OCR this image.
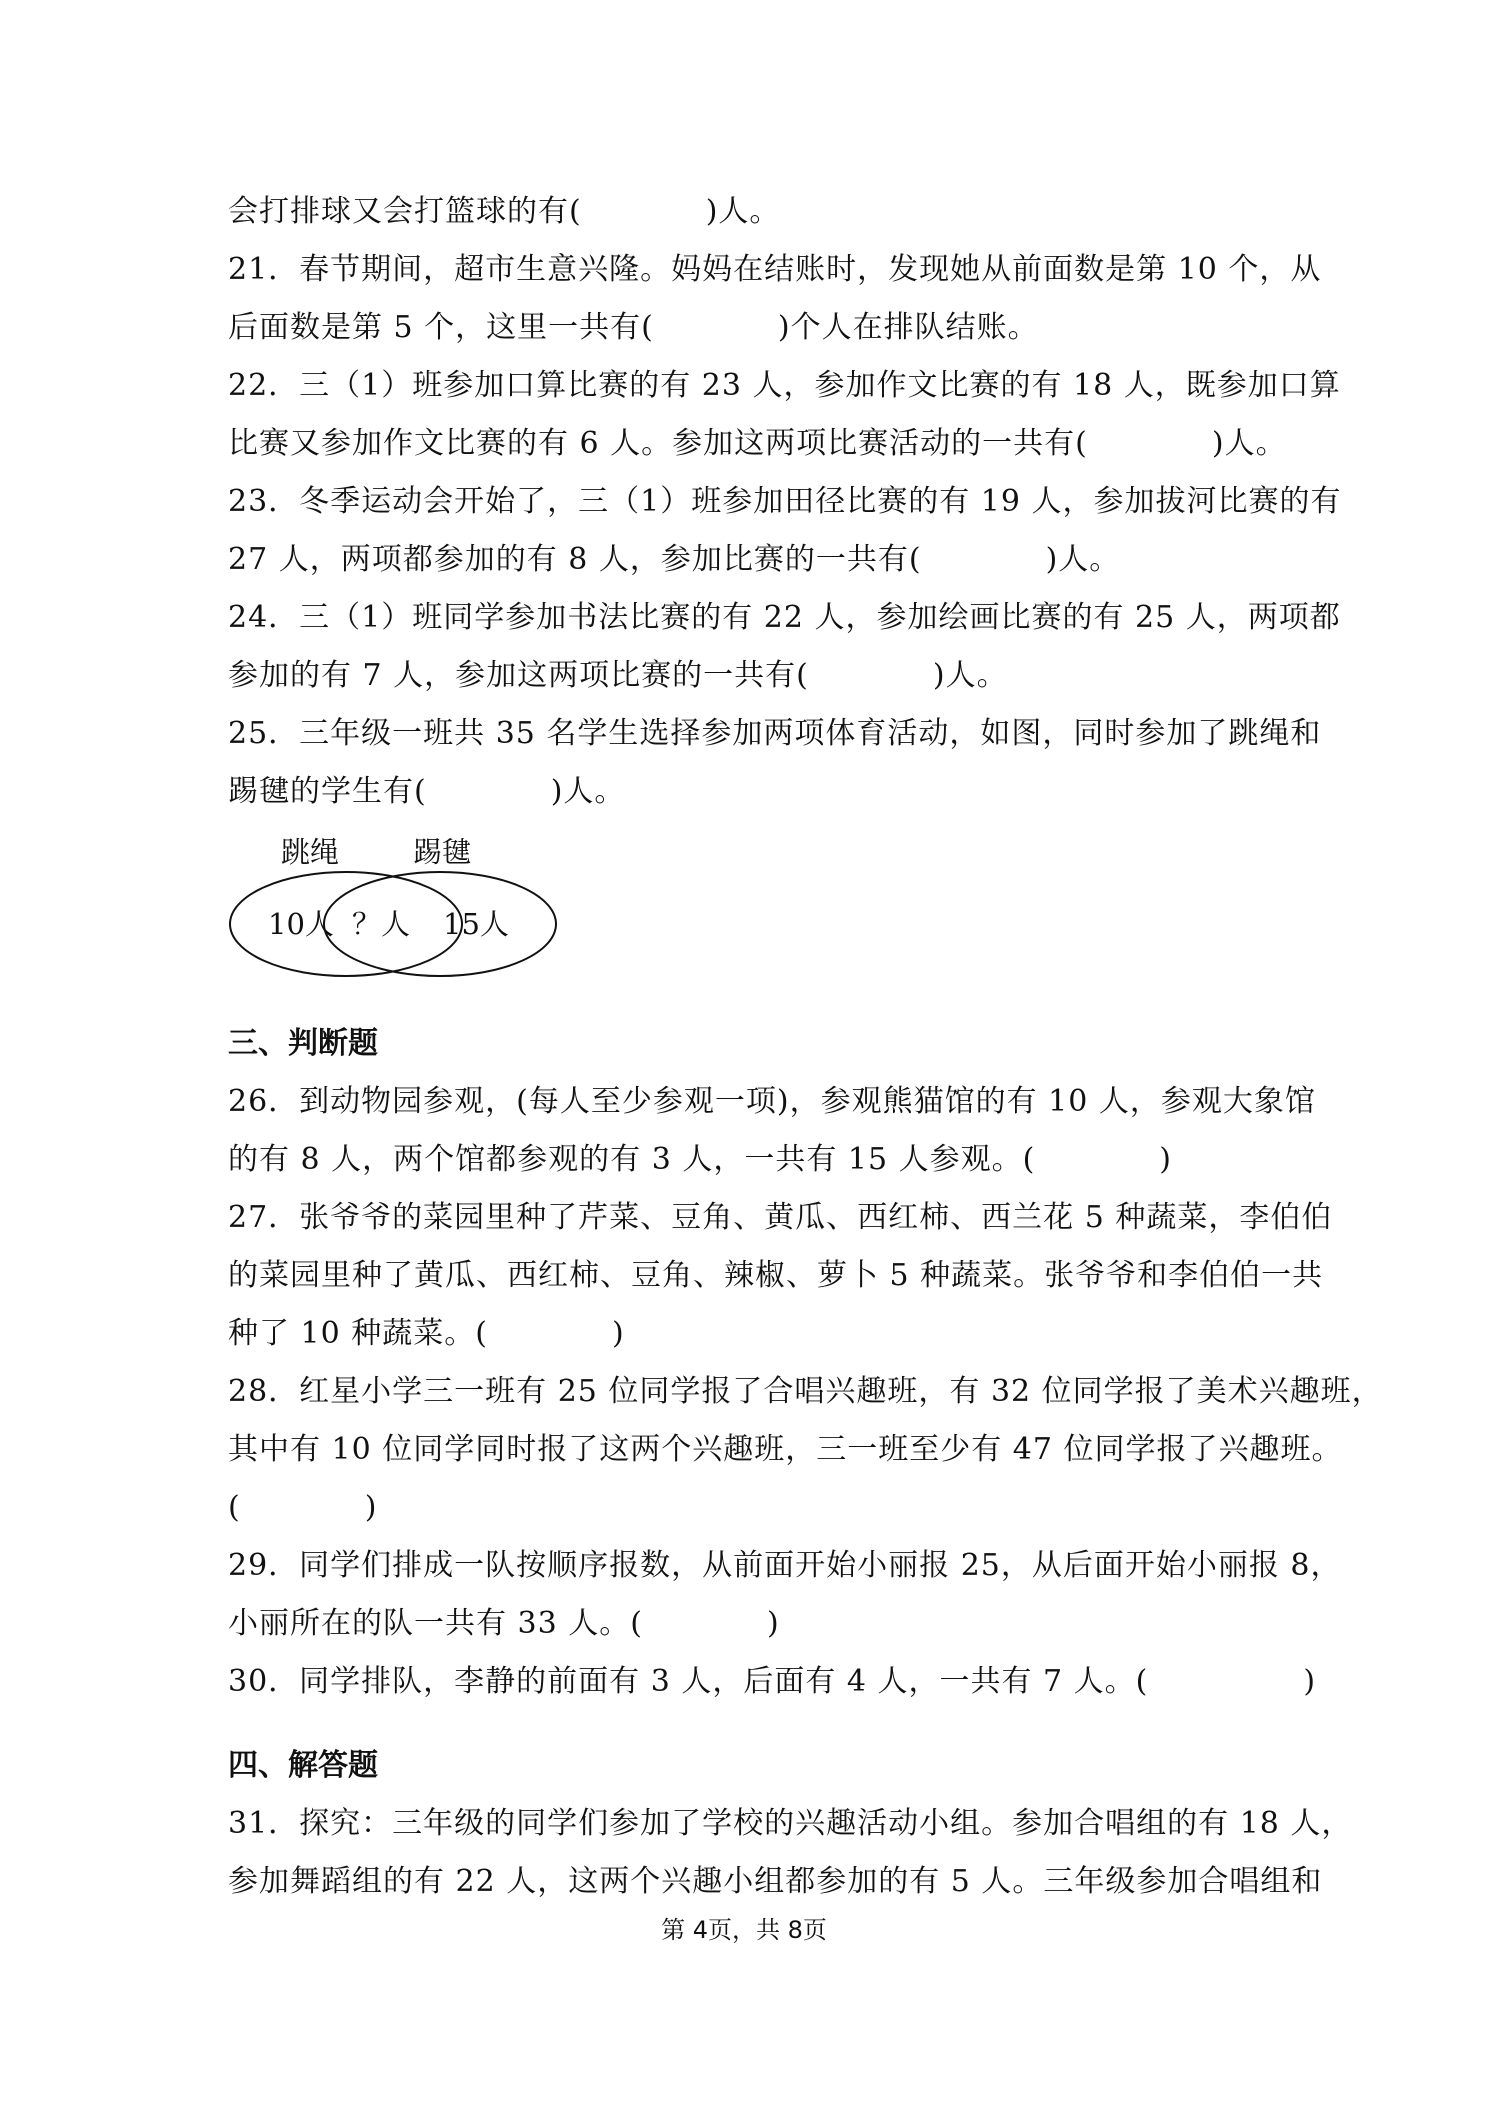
会打排球又会打篮球的有(　　　　)人。
21．春节期间，超市生意兴隆。妈妈在结账时，发现她从前面数是第 10 个，从
后面数是第 5 个，这里一共有(　　　　)个人在排队结账。
22．三（1）班参加口算比赛的有 23 人，参加作文比赛的有 18 人，既参加口算
比赛又参加作文比赛的有 6 人。参加这两项比赛活动的一共有(　　　　)人。
23．冬季运动会开始了，三（1）班参加田径比赛的有 19 人，参加拔河比赛的有
27 人，两项都参加的有 8 人，参加比赛的一共有(　　　　)人。
24．三（1）班同学参加书法比赛的有 22 人，参加绘画比赛的有 25 人，两项都
参加的有 7 人，参加这两项比赛的一共有(　　　　)人。
25．三年级一班共 35 名学生选择参加两项体育活动，如图，同时参加了跳绳和
踢毽的学生有(　　　　)人。
跳绳	踢毽
10人 ？人 15人
三、判断题
26．到动物园参观，(每人至少参观一项)，参观熊猫馆的有 10 人，参观大象馆
的有 8 人，两个馆都参观的有 3 人，一共有 15 人参观。(　　　　)
27．张爷爷的菜园里种了芹菜、豆角、黄瓜、西红柿、西兰花 5 种蔬菜，李伯伯
的菜园里种了黄瓜、西红柿、豆角、辣椒、萝卜 5 种蔬菜。张爷爷和李伯伯一共
种了 10 种蔬菜。(　　　　)
28．红星小学三一班有 25 位同学报了合唱兴趣班，有 32 位同学报了美术兴趣班，
其中有 10 位同学同时报了这两个兴趣班，三一班至少有 47 位同学报了兴趣班。
(　　　　)
29．同学们排成一队按顺序报数，从前面开始小丽报 25，从后面开始小丽报 8，
小丽所在的队一共有 33 人。(　　　　)
30．同学排队，李静的前面有 3 人，后面有 4 人，一共有 7 人。(　　　　　)
四、解答题
31．探究：三年级的同学们参加了学校的兴趣活动小组。参加合唱组的有 18 人，
参加舞蹈组的有 22 人，这两个兴趣小组都参加的有 5 人。三年级参加合唱组和
第 4页，共 8页
